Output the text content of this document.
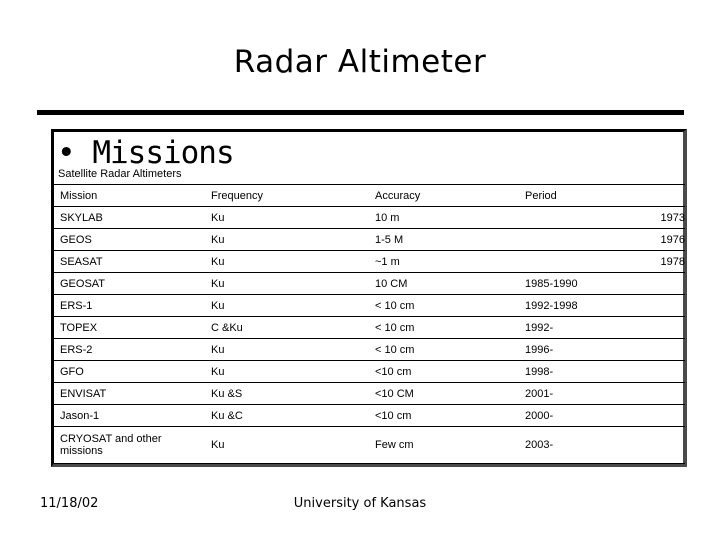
Radar Altimeter
• Missions
Satellite Radar Altimeters
Mission	Frequency	Accuracy	Period
SKYLAB	Ku	10 m	1973
GEOS	Ku	1-5 M	1976
SEASAT	Ku	~1 m	1978
GEOSAT	Ku	10 CM	1985-1990
ERS-1	Ku	< 10 cm	1992-1998
TOPEX	C &Ku	< 10 cm	1992-
ERS-2	Ku	< 10 cm	1996-
GFO	Ku	<10 cm	1998-
ENVISAT	Ku &S	<10 CM	2001-
Jason-1	Ku &C	<10 cm	2000-
CRYOSAT and other missions	Ku	Few cm	2003-
11/18/02	University of Kansas
